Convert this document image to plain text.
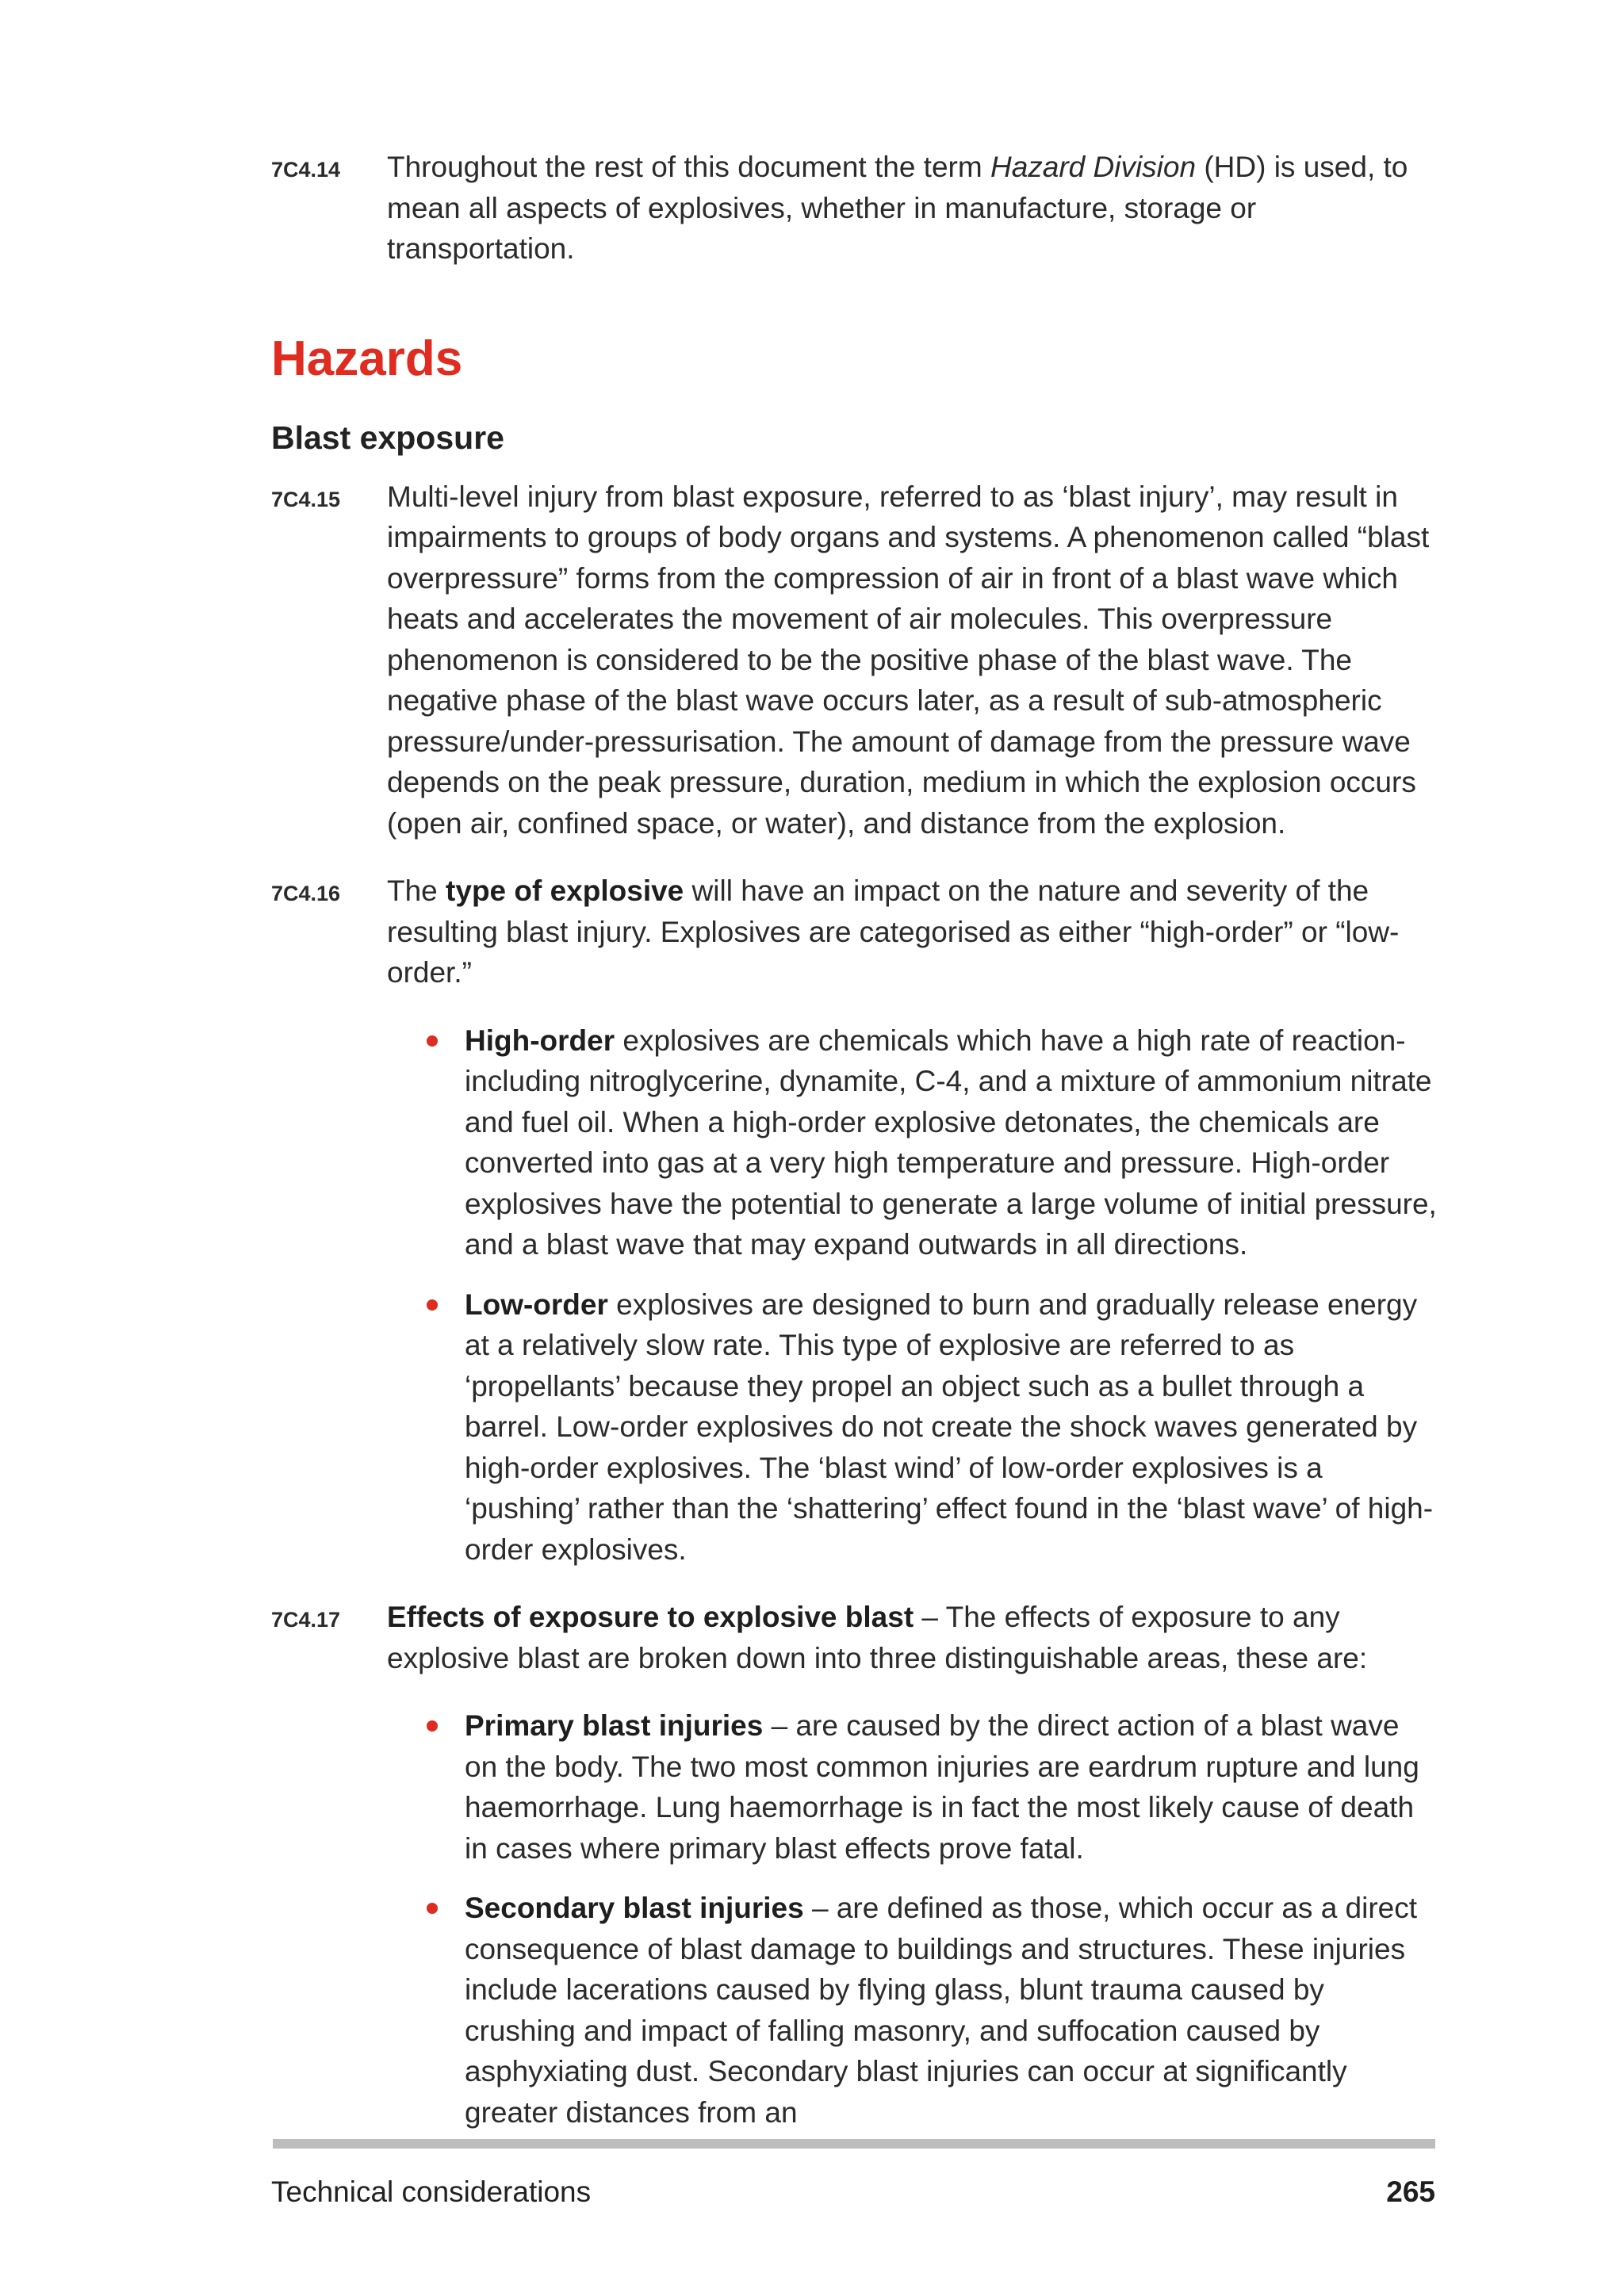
7C4.14 Throughout the rest of this document the term Hazard Division (HD) is used, to mean all aspects of explosives, whether in manufacture, storage or transportation.
Hazards
Blast exposure
7C4.15 Multi-level injury from blast exposure, referred to as ‘blast injury’, may result in impairments to groups of body organs and systems. A phenomenon called “blast overpressure” forms from the compression of air in front of a blast wave which heats and accelerates the movement of air molecules. This overpressure phenomenon is considered to be the positive phase of the blast wave. The negative phase of the blast wave occurs later, as a result of sub-atmospheric pressure/under-pressurisation. The amount of damage from the pressure wave depends on the peak pressure, duration, medium in which the explosion occurs (open air, confined space, or water), and distance from the explosion.
7C4.16 The type of explosive will have an impact on the nature and severity of the resulting blast injury. Explosives are categorised as either “high-order” or “low-order.”
High-order explosives are chemicals which have a high rate of reaction-including nitroglycerine, dynamite, C-4, and a mixture of ammonium nitrate and fuel oil. When a high-order explosive detonates, the chemicals are converted into gas at a very high temperature and pressure. High-order explosives have the potential to generate a large volume of initial pressure, and a blast wave that may expand outwards in all directions.
Low-order explosives are designed to burn and gradually release energy at a relatively slow rate. This type of explosive are referred to as ‘propellants’ because they propel an object such as a bullet through a barrel. Low-order explosives do not create the shock waves generated by high-order explosives. The ‘blast wind’ of low-order explosives is a ‘pushing’ rather than the ‘shattering’ effect found in the ‘blast wave’ of high-order explosives.
7C4.17 Effects of exposure to explosive blast – The effects of exposure to any explosive blast are broken down into three distinguishable areas, these are:
Primary blast injuries – are caused by the direct action of a blast wave on the body. The two most common injuries are eardrum rupture and lung haemorrhage. Lung haemorrhage is in fact the most likely cause of death in cases where primary blast effects prove fatal.
Secondary blast injuries – are defined as those, which occur as a direct consequence of blast damage to buildings and structures. These injuries include lacerations caused by flying glass, blunt trauma caused by crushing and impact of falling masonry, and suffocation caused by asphyxiating dust. Secondary blast injuries can occur at significantly greater distances from an
Technical considerations	265
